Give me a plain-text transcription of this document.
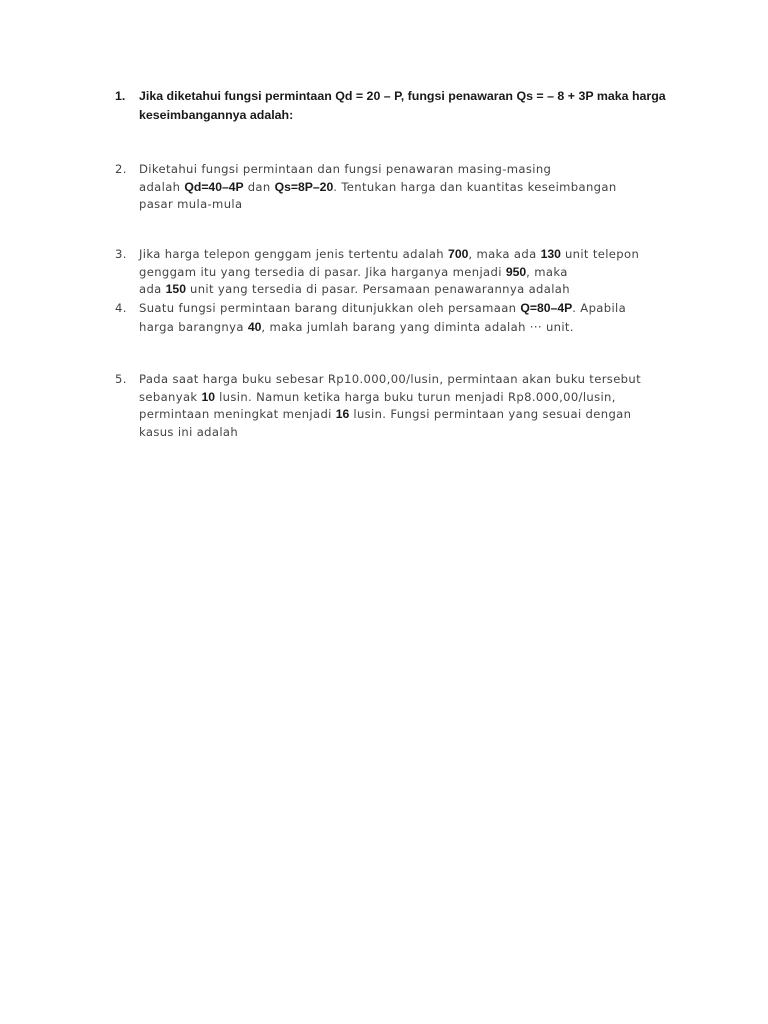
1.	Jika diketahui fungsi permintaan Qd = 20 – P, fungsi penawaran Qs = – 8 + 3P maka harga
keseimbangannya adalah:
2.	Diketahui fungsi permintaan dan fungsi penawaran masing-masing
adalah Qd=40–4P dan Qs=8P–20. Tentukan harga dan kuantitas keseimbangan
pasar mula-mula
3.	Jika harga telepon genggam jenis tertentu adalah 700, maka ada 130 unit telepon
genggam itu yang tersedia di pasar. Jika harganya menjadi 950, maka
ada 150 unit yang tersedia di pasar. Persamaan penawarannya adalah
4.	Suatu fungsi permintaan barang ditunjukkan oleh persamaan Q=80–4P. Apabila
harga barangnya 40, maka jumlah barang yang diminta adalah ··· unit.
5.	Pada saat harga buku sebesar Rp10.000,00/lusin, permintaan akan buku tersebut
sebanyak 10 lusin. Namun ketika harga buku turun menjadi Rp8.000,00/lusin,
permintaan meningkat menjadi 16 lusin. Fungsi permintaan yang sesuai dengan
kasus ini adalah
